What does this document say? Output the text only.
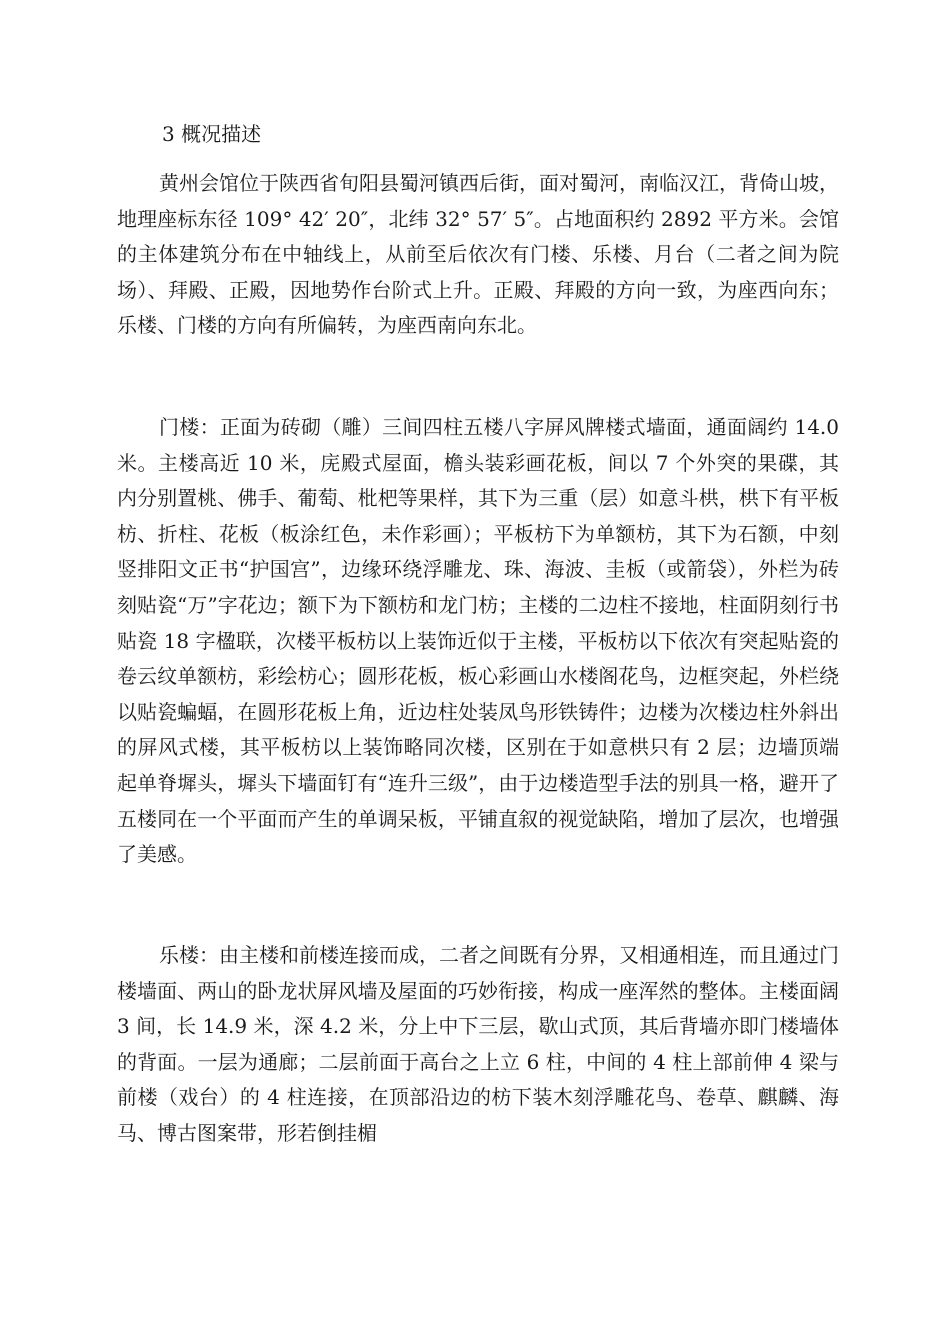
3 概况描述

黄州会馆位于陕西省旬阳县蜀河镇西后街，面对蜀河，南临汉江，背倚山坡，地理座标东径 109° 42′ 20″，北纬 32° 57′ 5″。占地面积约 2892 平方米。会馆的主体建筑分布在中轴线上，从前至后依次有门楼、乐楼、月台（二者之间为院场）、拜殿、正殿，因地势作台阶式上升。正殿、拜殿的方向一致，为座西向东；乐楼、门楼的方向有所偏转，为座西南向东北。

门楼：正面为砖砌（雕）三间四柱五楼八字屏风牌楼式墙面，通面阔约 14.0 米。主楼高近 10 米，庑殿式屋面，檐头装彩画花板，间以 7 个外突的果碟，其内分别置桃、佛手、葡萄、枇杷等果样，其下为三重（层）如意斗栱，栱下有平板枋、折柱、花板（板涂红色，未作彩画）；平板枋下为单额枋，其下为石额，中刻竖排阳文正书“护国宫”，边缘环绕浮雕龙、珠、海波、圭板（或箭袋），外栏为砖刻贴瓷“万”字花边；额下为下额枋和龙门枋；主楼的二边柱不接地，柱面阴刻行书贴瓷 18 字楹联，次楼平板枋以上装饰近似于主楼，平板枋以下依次有突起贴瓷的卷云纹单额枋，彩绘枋心；圆形花板，板心彩画山水楼阁花鸟，边框突起，外栏绕以贴瓷蝙蝠，在圆形花板上角，近边柱处装凤鸟形铁铸件；边楼为次楼边柱外斜出的屏风式楼，其平板枋以上装饰略同次楼，区别在于如意栱只有 2 层；边墙顶端起单脊墀头，墀头下墙面钉有“连升三级”，由于边楼造型手法的别具一格，避开了五楼同在一个平面而产生的单调呆板，平铺直叙的视觉缺陷，增加了层次，也增强了美感。

乐楼：由主楼和前楼连接而成，二者之间既有分界，又相通相连，而且通过门楼墙面、两山的卧龙状屏风墙及屋面的巧妙衔接，构成一座浑然的整体。主楼面阔 3 间，长 14.9 米，深 4.2 米，分上中下三层，歇山式顶，其后背墙亦即门楼墙体的背面。一层为通廊；二层前面于高台之上立 6 柱，中间的 4 柱上部前伸 4 梁与前楼（戏台）的 4 柱连接，在顶部沿边的枋下装木刻浮雕花鸟、卷草、麒麟、海马、博古图案带，形若倒挂楣
